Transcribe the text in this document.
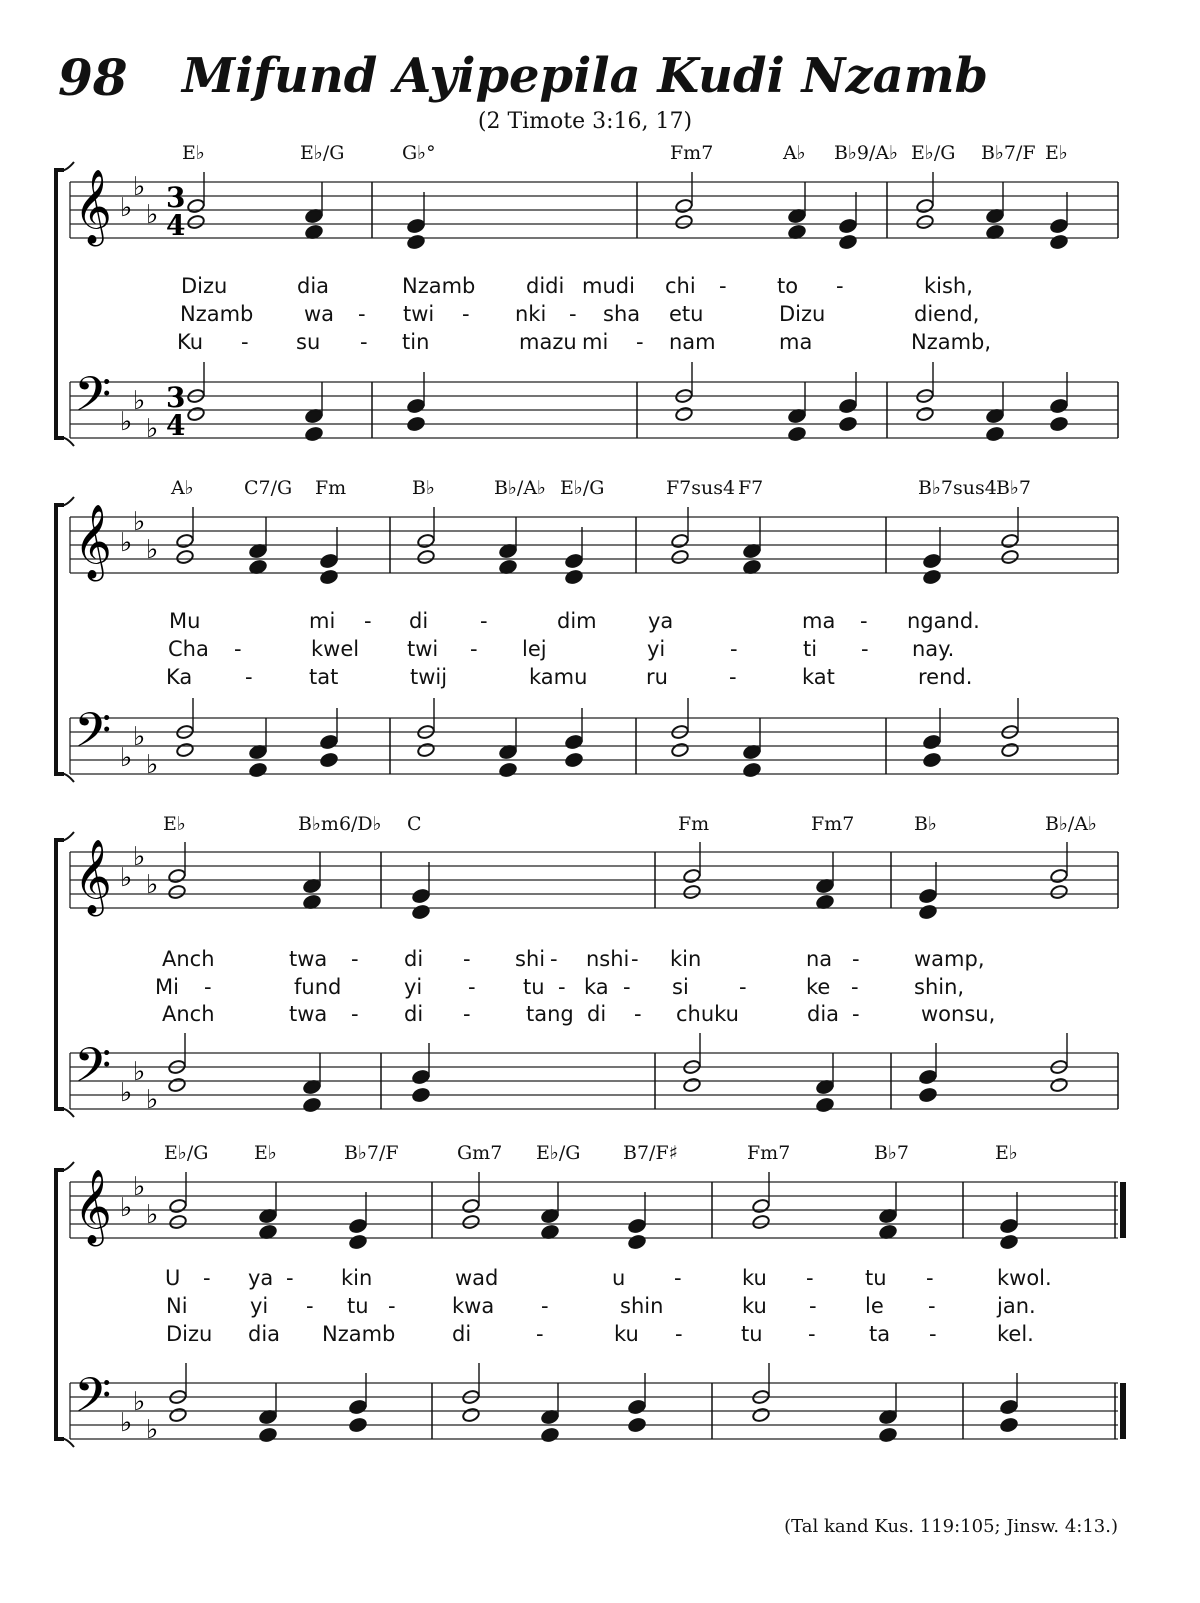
98	Mifund Ayipepila Kudi Nzamb
(2 Timote 3:16, 17)
𝄞
𝄢
♭
♭
♭
♭
♭
♭
3
4
3
4
𝄞
𝄢
♭
♭
♭
♭
♭
♭
𝄞
𝄢
♭
♭
♭
♭
♭
♭
𝄞
𝄢
♭
♭
♭
♭
♭
♭
E♭	E♭/G	G♭°	Fm7	A♭ B♭9/A♭ E♭/G B♭7/F E♭
Dizu	dia	Nzamb didi mudi chi - to -	kish,
Nzamb wa - twi - nki - sha etu	Dizu	diend,
Ku - su - tin	mazu mi - nam	ma	Nzamb,
A♭	C7/G Fm	B♭	B♭/A♭ E♭/G	F7sus4 F7	B♭7sus4 B♭7
Mu	mi - di -	dim ya	ma - ngand.
Cha -	kwel twi - lej	yi	-	ti - nay.
Ka	-	tat	twij	kamu	ru	-	kat	rend.
E♭	B♭m6/D♭ C	Fm	Fm7	B♭	B♭/A♭
Anch	twa - di - shi - nshi - kin	na -	wamp,
Mi -	fund	yi - tu - ka - si -	ke -	shin,
Anch	twa - di -	tang di - chuku	dia -	wonsu,
E♭/G E♭	B♭7/F	Gm7 E♭/G B7/F♯	Fm7	B♭7	E♭
U - ya - kin	wad	u -	ku - tu -	kwol.
Ni	yi - tu -	kwa -	shin	ku - le -	jan.
Dizu dia Nzamb	di	-	ku -	tu -	ta -	kel.
(Tal kand Kus. 119:105; Jinsw. 4:13.)
